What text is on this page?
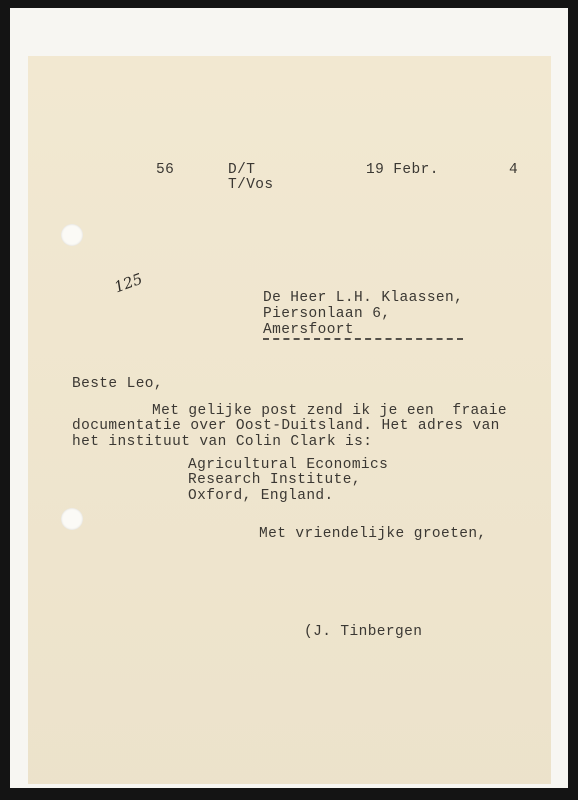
56	D/T
T/Vos
19 Febr.	4
125
De Heer L.H. Klaassen,
Piersonlaan 6,
Amersfoort
Beste Leo,
Met gelijke post zend ik je een  fraaie
documentatie over Oost-Duitsland. Het adres van
het instituut van Colin Clark is:
Agricultural Economics
Research Institute,
Oxford, England.
Met vriendelijke groeten,
(J. Tinbergen
